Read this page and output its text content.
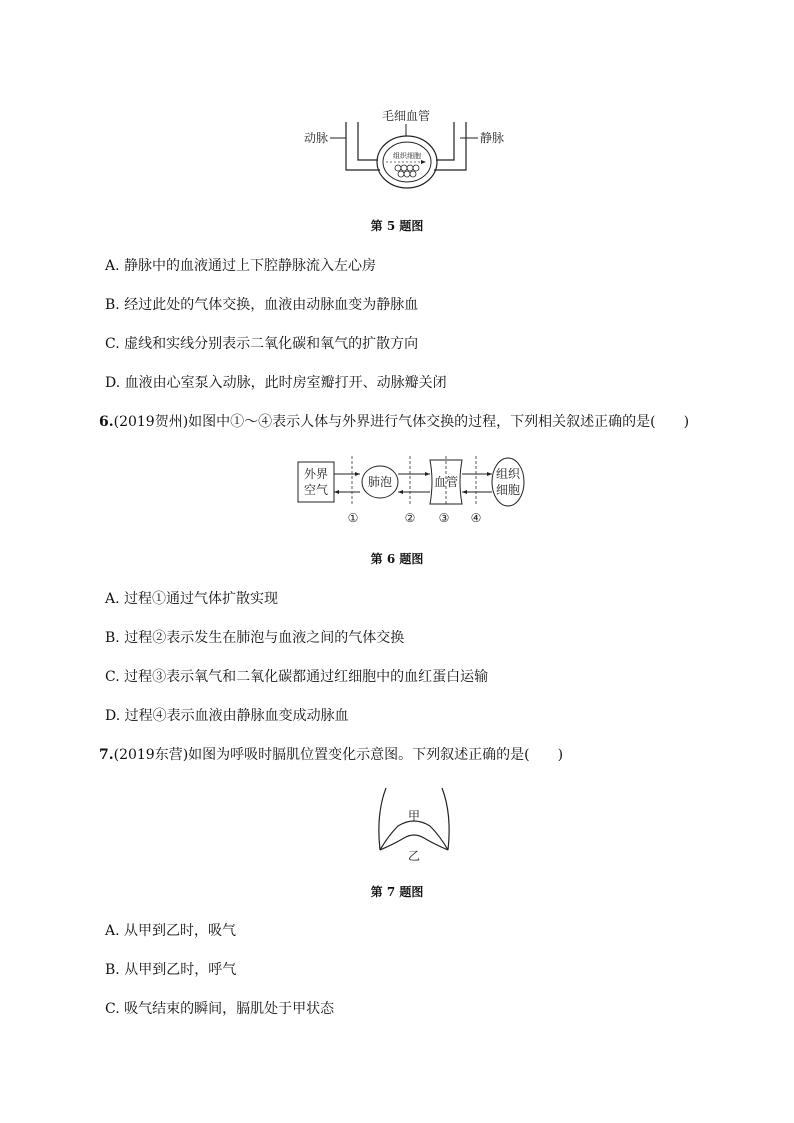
毛细血管
动脉	静脉
组织细胞
第 5 题图
A. 静脉中的血液通过上下腔静脉流入左心房
B. 经过此处的气体交换，血液由动脉血变为静脉血
C. 虚线和实线分别表示二氧化碳和氧气的扩散方向
D. 血液由心室泵入动脉，此时房室瓣打开、动脉瓣关闭
6.(2019贺州)如图中①～④表示人体与外界进行气体交换的过程，下列相关叙述正确的是(　　)
外界
空气
肺泡	血管
组织
细胞
①	② ③ ④
第 6 题图
A. 过程①通过气体扩散实现
B. 过程②表示发生在肺泡与血液之间的气体交换
C. 过程③表示氧气和二氧化碳都通过红细胞中的血红蛋白运输
D. 过程④表示血液由静脉血变成动脉血
7.(2019东营)如图为呼吸时膈肌位置变化示意图。下列叙述正确的是(　　)
甲
乙
第 7 题图
A. 从甲到乙时，吸气
B. 从甲到乙时，呼气
C. 吸气结束的瞬间，膈肌处于甲状态
